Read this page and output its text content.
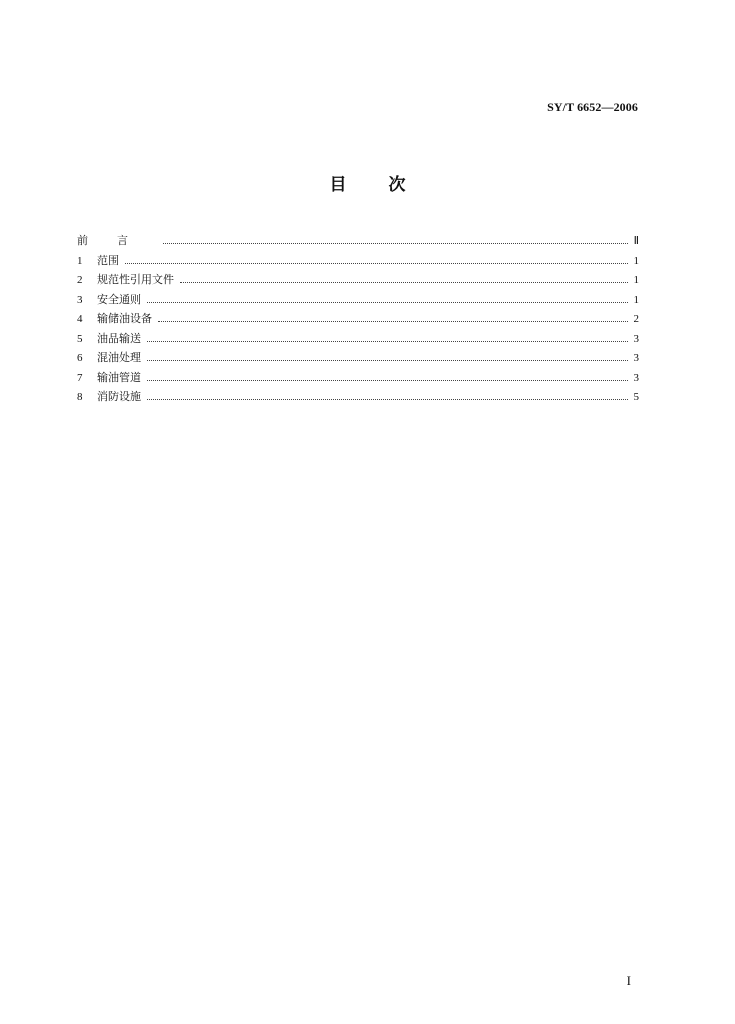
SY/T 6652—2006
目 次
前言	Ⅱ
1	范围	1
2	规范性引用文件	1
3	安全通则	1
4	输储油设备	2
5	油品输送	3
6	混油处理	3
7	输油管道	3
8	消防设施	5
I
